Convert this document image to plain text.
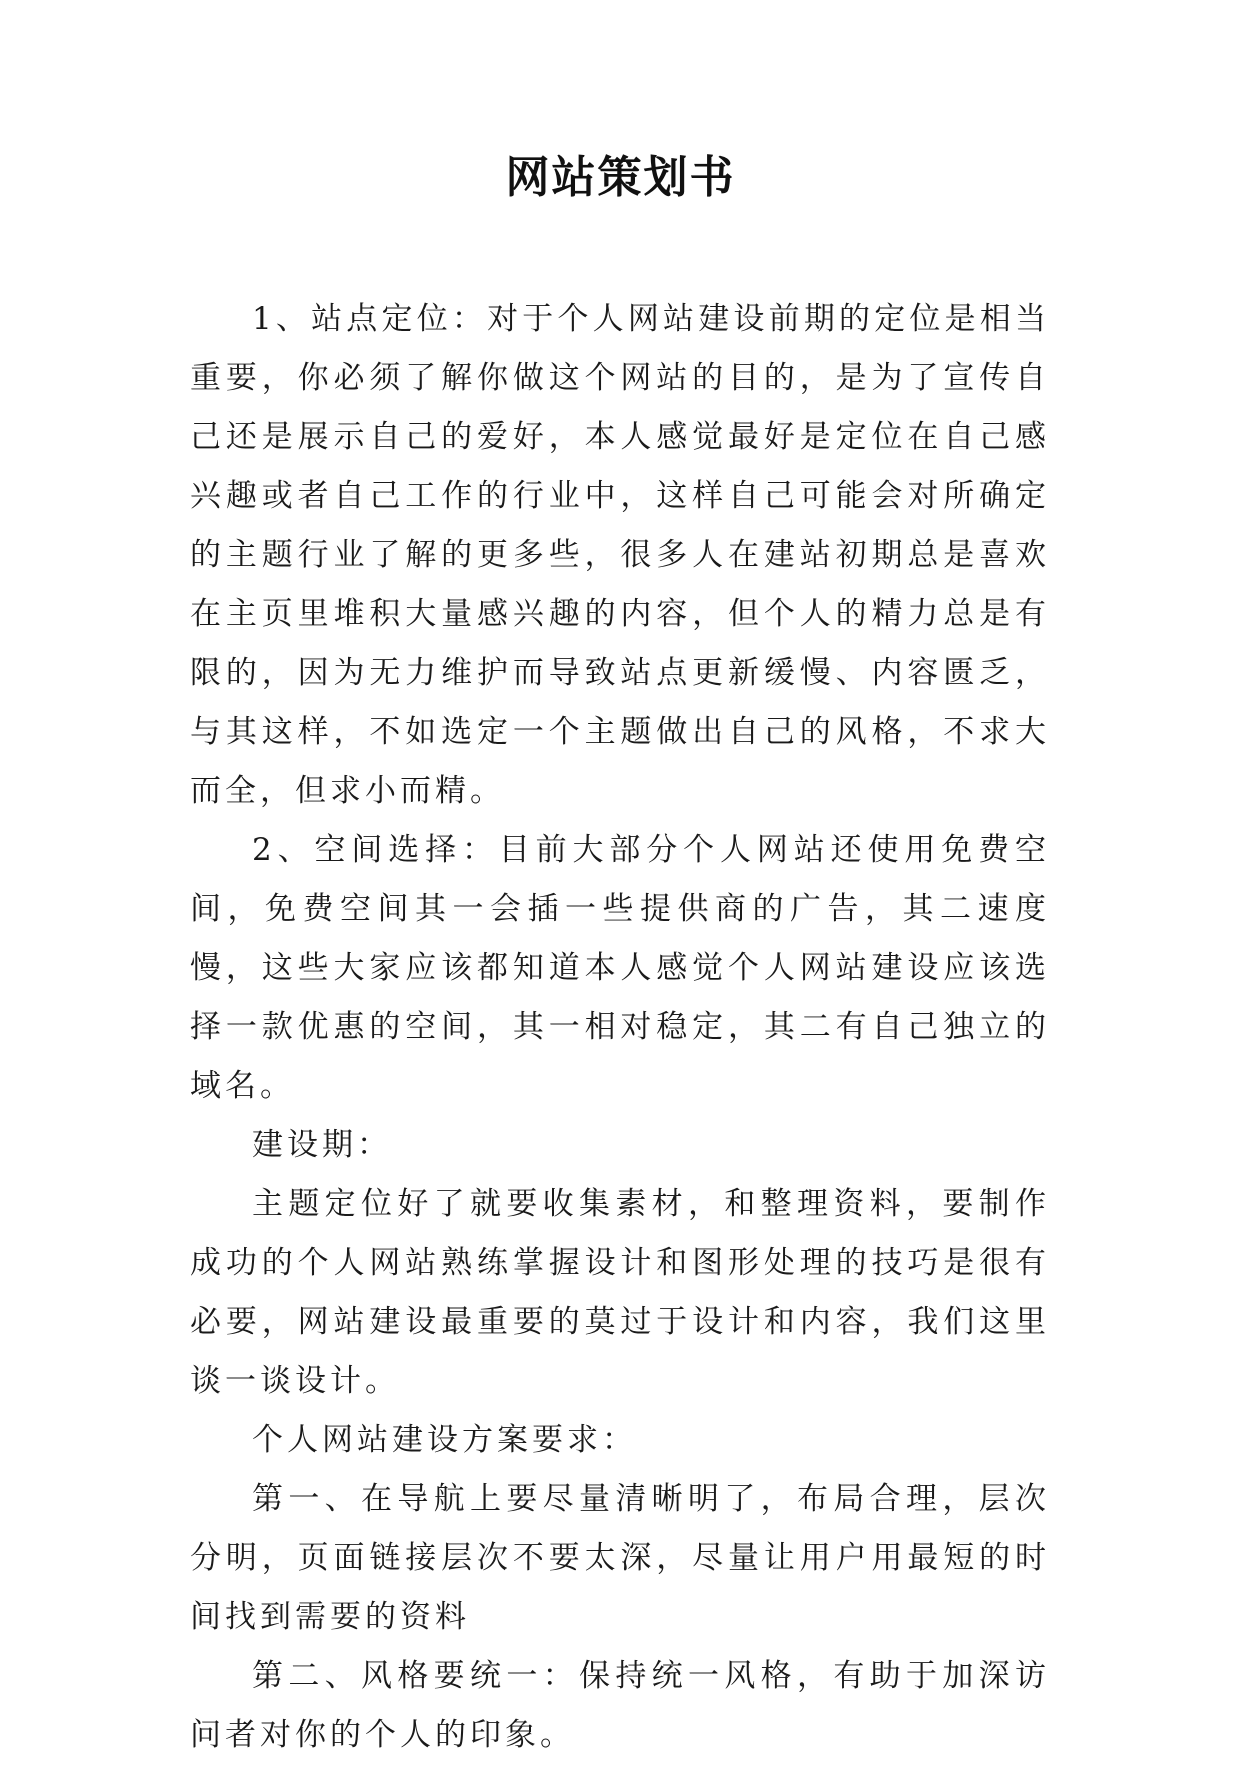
网站策划书

1、站点定位：对于个人网站建设前期的定位是相当重要，你必须了解你做这个网站的目的，是为了宣传自己还是展示自己的爱好，本人感觉最好是定位在自己感兴趣或者自己工作的行业中，这样自己可能会对所确定的主题行业了解的更多些，很多人在建站初期总是喜欢在主页里堆积大量感兴趣的内容，但个人的精力总是有限的，因为无力维护而导致站点更新缓慢、内容匮乏，与其这样，不如选定一个主题做出自己的风格，不求大而全，但求小而精。

2、空间选择：目前大部分个人网站还使用免费空间，免费空间其一会插一些提供商的广告，其二速度慢，这些大家应该都知道本人感觉个人网站建设应该选择一款优惠的空间，其一相对稳定，其二有自己独立的域名。

建设期：

主题定位好了就要收集素材，和整理资料，要制作成功的个人网站熟练掌握设计和图形处理的技巧是很有必要，网站建设最重要的莫过于设计和内容，我们这里谈一谈设计。

个人网站建设方案要求：

第一、在导航上要尽量清晰明了，布局合理，层次分明，页面链接层次不要太深，尽量让用户用最短的时间找到需要的资料

第二、风格要统一：保持统一风格，有助于加深访问者对你的个人的印象。
